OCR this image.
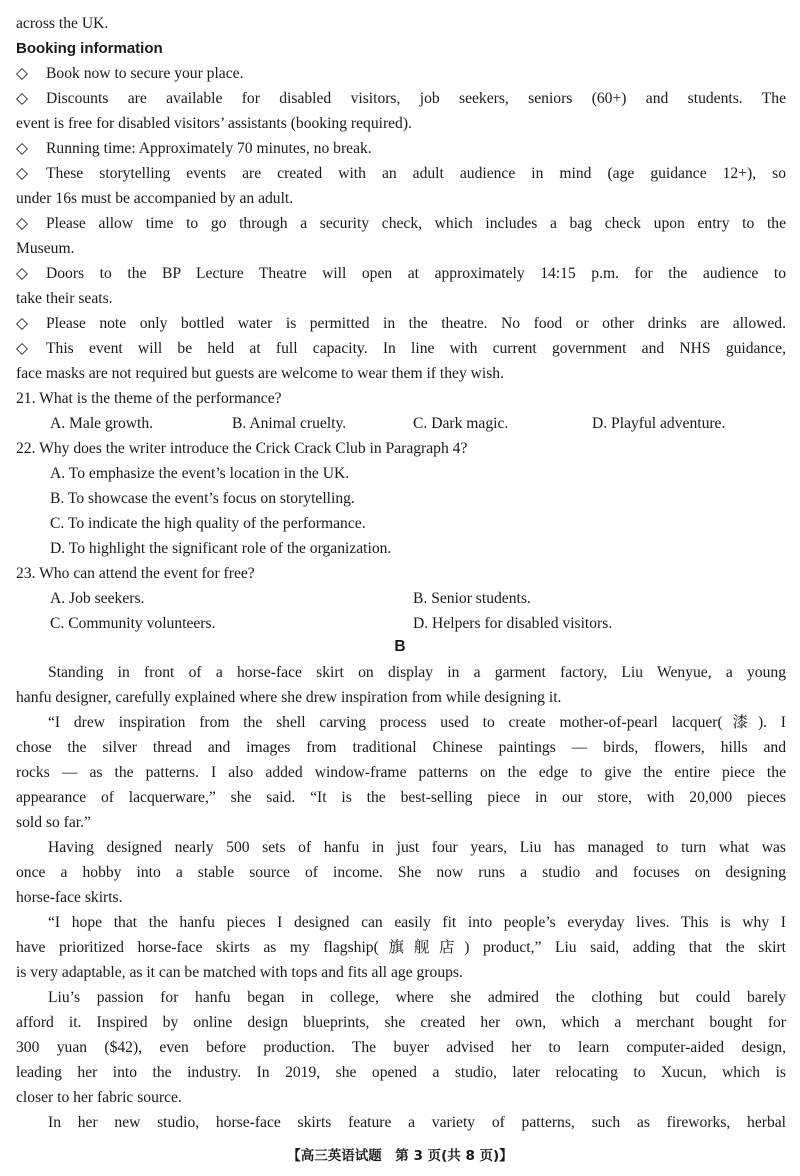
across the UK.
Booking information
◇ Book now to secure your place.
◇ Discounts are available for disabled visitors, job seekers, seniors (60+) and students. The
event is free for disabled visitors’ assistants (booking required).
◇ Running time: Approximately 70 minutes, no break.
◇ These storytelling events are created with an adult audience in mind (age guidance 12+), so
under 16s must be accompanied by an adult.
◇ Please allow time to go through a security check, which includes a bag check upon entry to the
Museum.
◇ Doors to the BP Lecture Theatre will open at approximately 14:15 p.m. for the audience to
take their seats.
◇ Please note only bottled water is permitted in the theatre. No food or other drinks are allowed.
◇ This event will be held at full capacity. In line with current government and NHS guidance,
face masks are not required but guests are welcome to wear them if they wish.
21. What is the theme of the performance?
A. Male growth.	B. Animal cruelty.	C. Dark magic.	D. Playful adventure.
22. Why does the writer introduce the Crick Crack Club in Paragraph 4?
A. To emphasize the event’s location in the UK.
B. To showcase the event’s focus on storytelling.
C. To indicate the high quality of the performance.
D. To highlight the significant role of the organization.
23. Who can attend the event for free?
A. Job seekers.	B. Senior students.
C. Community volunteers.	D. Helpers for disabled visitors.
B
Standing in front of a horse-face skirt on display in a garment factory, Liu Wenyue, a young
hanfu designer, carefully explained where she drew inspiration from while designing it.
“I drew inspiration from the shell carving process used to create mother-of-pearl lacquer(漆). I
chose the silver thread and images from traditional Chinese paintings — birds, flowers, hills and
rocks — as the patterns. I also added window-frame patterns on the edge to give the entire piece the
appearance of lacquerware,” she said. “It is the best-selling piece in our store, with 20,000 pieces
sold so far.”
Having designed nearly 500 sets of hanfu in just four years, Liu has managed to turn what was
once a hobby into a stable source of income. She now runs a studio and focuses on designing
horse-face skirts.
“I hope that the hanfu pieces I designed can easily fit into people’s everyday lives. This is why I
have prioritized horse-face skirts as my flagship(旗舰店) product,” Liu said, adding that the skirt
is very adaptable, as it can be matched with tops and fits all age groups.
Liu’s passion for hanfu began in college, where she admired the clothing but could barely
afford it. Inspired by online design blueprints, she created her own, which a merchant bought for
300 yuan ($42), even before production. The buyer advised her to learn computer-aided design,
leading her into the industry. In 2019, she opened a studio, later relocating to Xucun, which is
closer to her fabric source.
In her new studio, horse-face skirts feature a variety of patterns, such as fireworks, herbal
【高三英语试题　第 3 页(共 8 页)】
